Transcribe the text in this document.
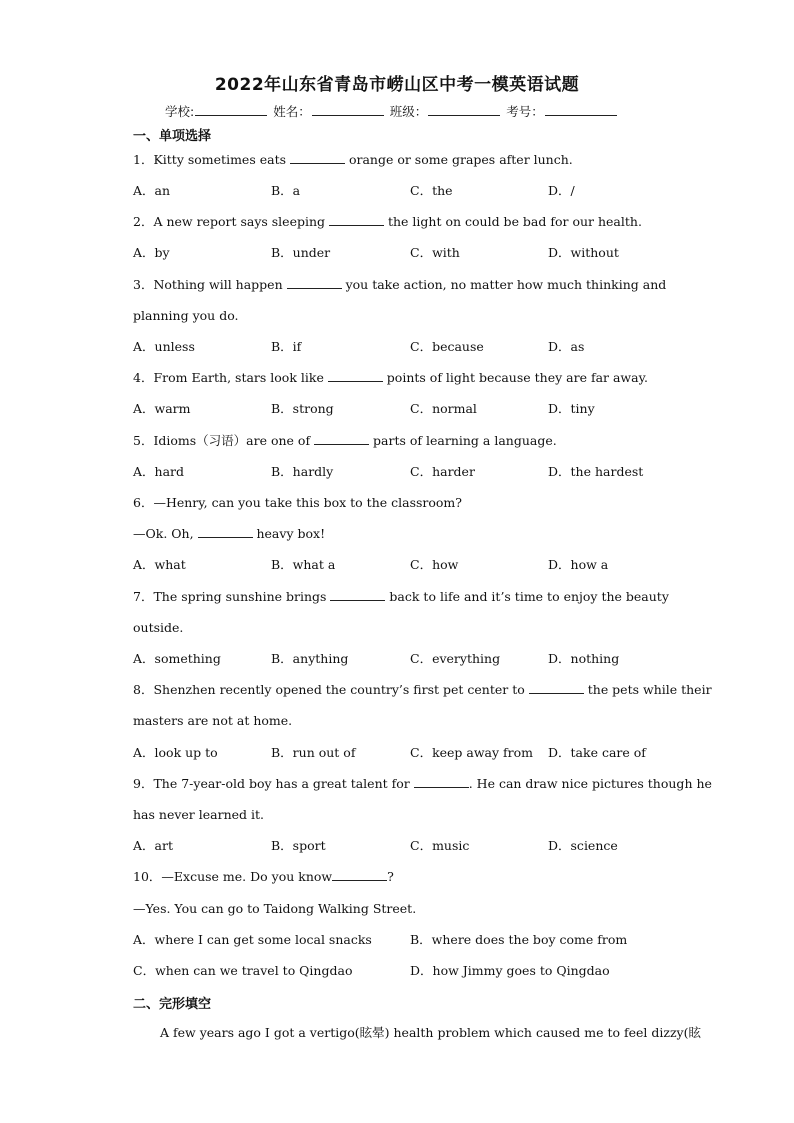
2022年山东省青岛市崂山区中考一模英语试题
学校:	姓名：	班级：	考号：
一、单项选择
1．Kitty sometimes eats	orange or some grapes after lunch.
A．an	B．a	C．the	D．/
2．A new report says sleeping	the light on could be bad for our health.
A．by	B．under	C．with	D．without
3．Nothing will happen	you take action, no matter how much thinking and
planning you do.
A．unless	B．if	C．because	D．as
4．From Earth, stars look like	points of light because they are far away.
A．warm	B．strong	C．normal	D．tiny
5．Idioms（习语）are one of	parts of learning a language.
A．hard	B．hardly	C．harder	D．the hardest
6．—Henry, can you take this box to the classroom?
—Ok. Oh,	heavy box!
A．what	B．what a	C．how	D．how a
7．The spring sunshine brings	back to life and it’s time to enjoy the beauty
outside.
A．something	B．anything	C．everything	D．nothing
8．Shenzhen recently opened the country’s first pet center to	the pets while their
masters are not at home.
A．look up to	B．run out of	C．keep away from D．take care of
9．The 7-year-old boy has a great talent for	. He can draw nice pictures though he
has never learned it.
A．art	B．sport	C．music	D．science
10．—Excuse me. Do you know	?
—Yes. You can go to Taidong Walking Street.
A．where I can get some local snacks	B．where does the boy come from
C．when can we travel to Qingdao	D．how Jimmy goes to Qingdao
二、完形填空
A few years ago I got a vertigo(眩晕) health problem which caused me to feel dizzy(眩
